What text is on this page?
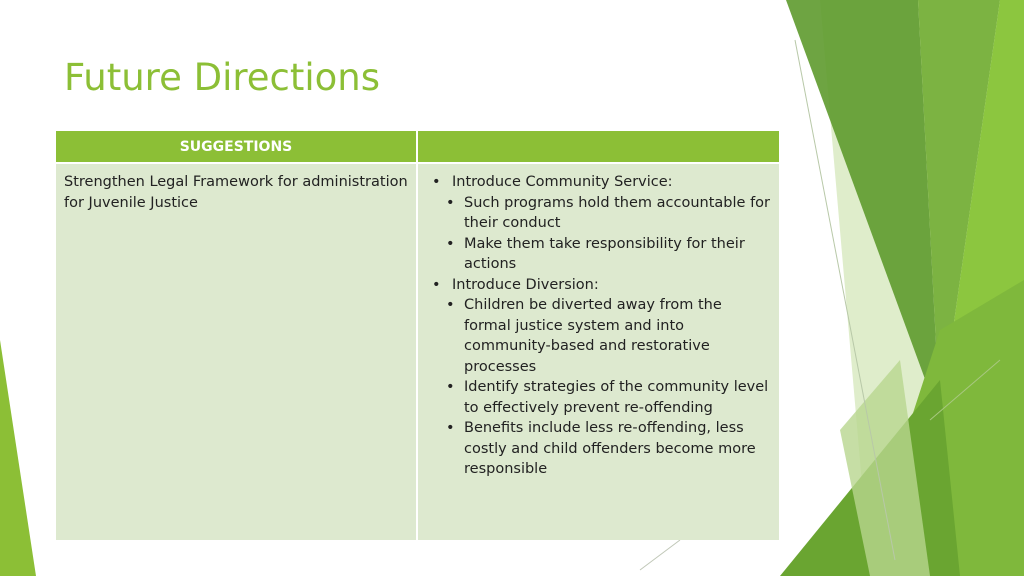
Future Directions
SUGGESTIONS
Strengthen Legal Framework for administration for Juvenile Justice
• Introduce Community Service:
• Such programs hold them accountable for their conduct
• Make them take responsibility for their actions
• Introduce Diversion:
• Children be diverted away from the formal justice system and into community-based and restorative processes
• Identify strategies of the community level to effectively prevent re-offending
• Benefits include less re-offending, less costly and child offenders become more responsible
